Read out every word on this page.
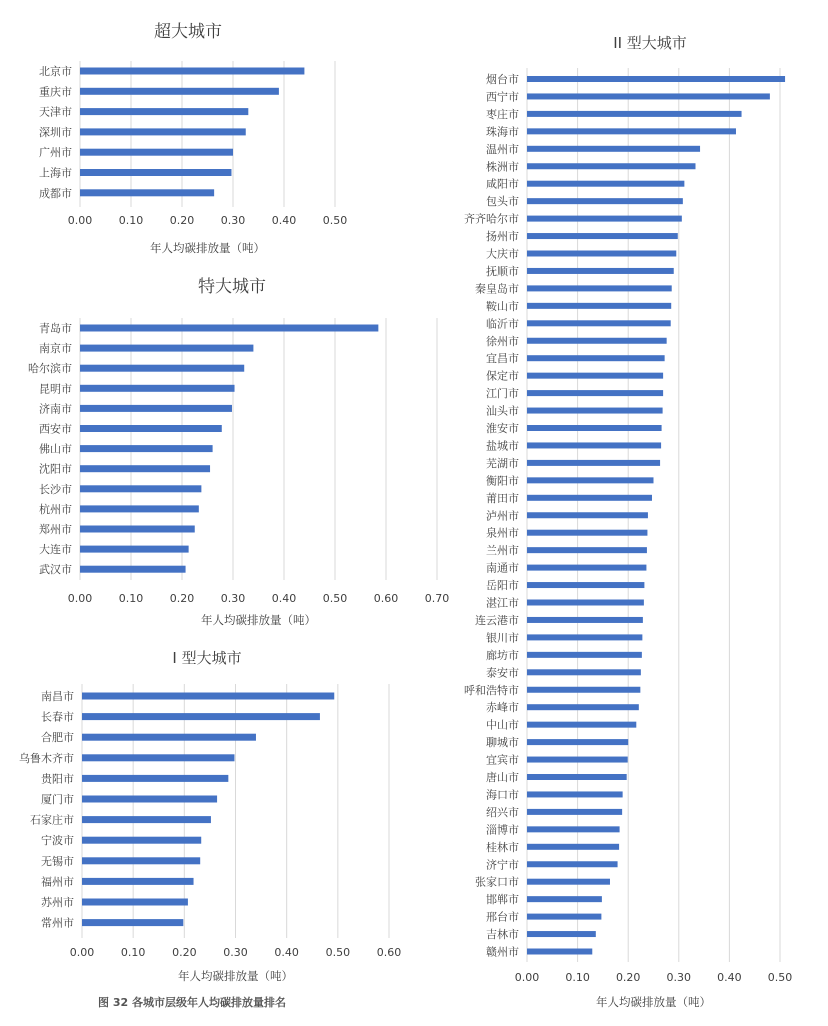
0.00 0.10 0.20 0.30 0.40 0.50
超大城市
年人均碳排放量（吨）
北京市
重庆市
天津市
深圳市
广州市
上海市
成都市
0.00 0.10 0.20 0.30 0.40 0.50 0.60 0.70
特大城市
年人均碳排放量（吨）
青岛市
南京市
哈尔滨市
昆明市
济南市
西安市
佛山市
沈阳市
长沙市
杭州市
郑州市
大连市
武汉市
0.00 0.10 0.20 0.30 0.40 0.50 0.60
I 型大城市
年人均碳排放量（吨）
南昌市
长春市
合肥市
乌鲁木齐市
贵阳市
厦门市
石家庄市
宁波市
无锡市
福州市
苏州市
常州市
0.00 0.10 0.20 0.30 0.40 0.50
II 型大城市
年人均碳排放量（吨）
烟台市
西宁市
枣庄市
珠海市
温州市
株洲市
咸阳市
包头市
齐齐哈尔市
扬州市
大庆市
抚顺市
秦皇岛市
鞍山市
临沂市
徐州市
宜昌市
保定市
江门市
汕头市
淮安市
盐城市
芜湖市
衡阳市
莆田市
泸州市
泉州市
兰州市
南通市
岳阳市
湛江市
连云港市
银川市
廊坊市
泰安市
呼和浩特市
赤峰市
中山市
聊城市
宜宾市
唐山市
海口市
绍兴市
淄博市
桂林市
济宁市
张家口市
邯郸市
邢台市
吉林市
赣州市
图 32 各城市层级年人均碳排放量排名
